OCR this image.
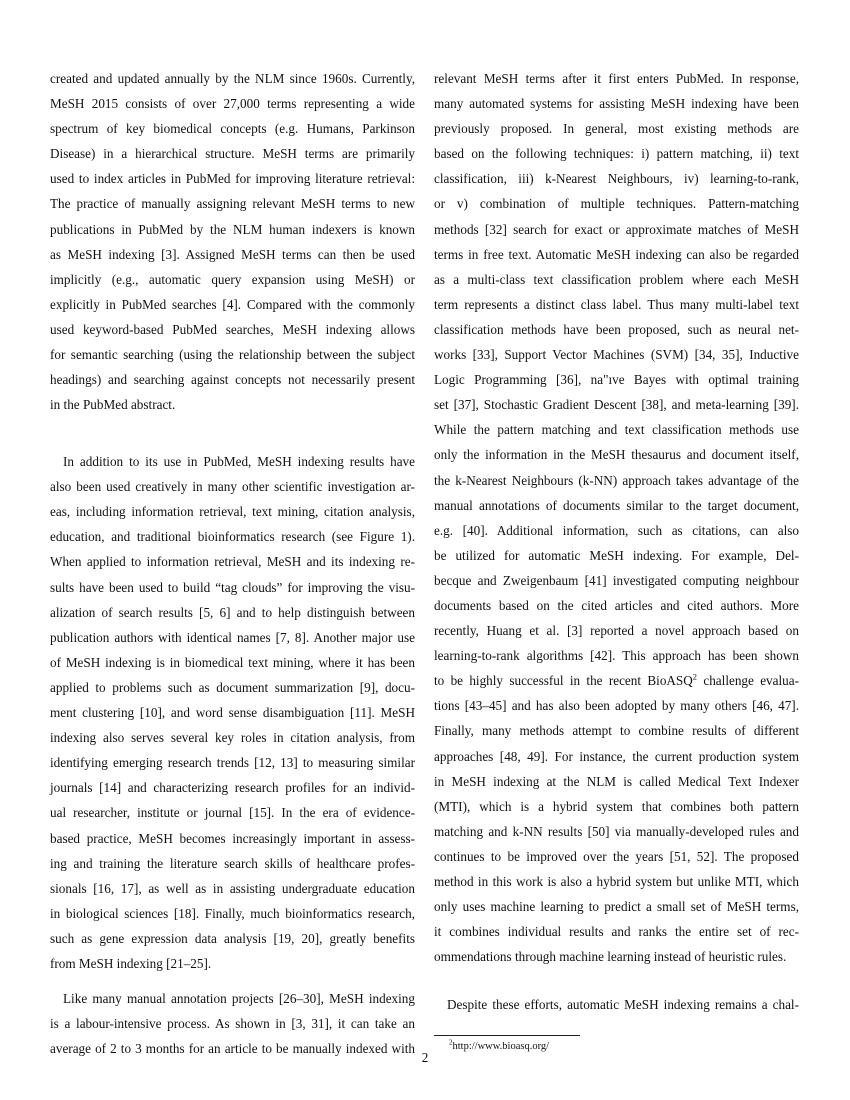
created and updated annually by the NLM since 1960s. Currently,
MeSH 2015 consists of over 27,000 terms representing a wide
spectrum of key biomedical concepts (e.g. Humans, Parkinson
Disease) in a hierarchical structure. MeSH terms are primarily
used to index articles in PubMed for improving literature retrieval:
The practice of manually assigning relevant MeSH terms to new
publications in PubMed by the NLM human indexers is known
as MeSH indexing [3]. Assigned MeSH terms can then be used
implicitly (e.g., automatic query expansion using MeSH) or
explicitly in PubMed searches [4]. Compared with the commonly
used keyword-based PubMed searches, MeSH indexing allows
for semantic searching (using the relationship between the subject
headings) and searching against concepts not necessarily present
in the PubMed abstract.
In addition to its use in PubMed, MeSH indexing results have
also been used creatively in many other scientific investigation ar-
eas, including information retrieval, text mining, citation analysis,
education, and traditional bioinformatics research (see Figure 1).
When applied to information retrieval, MeSH and its indexing re-
sults have been used to build “tag clouds” for improving the visu-
alization of search results [5, 6] and to help distinguish between
publication authors with identical names [7, 8]. Another major use
of MeSH indexing is in biomedical text mining, where it has been
applied to problems such as document summarization [9], docu-
ment clustering [10], and word sense disambiguation [11]. MeSH
indexing also serves several key roles in citation analysis, from
identifying emerging research trends [12, 13] to measuring similar
journals [14] and characterizing research profiles for an individ-
ual researcher, institute or journal [15]. In the era of evidence-
based practice, MeSH becomes increasingly important in assess-
ing and training the literature search skills of healthcare profes-
sionals [16, 17], as well as in assisting undergraduate education
in biological sciences [18]. Finally, much bioinformatics research,
such as gene expression data analysis [19, 20], greatly benefits
from MeSH indexing [21–25].
Like many manual annotation projects [26–30], MeSH indexing
is a labour-intensive process. As shown in [3, 31], it can take an
average of 2 to 3 months for an article to be manually indexed with
relevant MeSH terms after it first enters PubMed. In response,
many automated systems for assisting MeSH indexing have been
previously proposed. In general, most existing methods are
based on the following techniques: i) pattern matching, ii) text
classification, iii) k-Nearest Neighbours, iv) learning-to-rank,
or v) combination of multiple techniques. Pattern-matching
methods [32] search for exact or approximate matches of MeSH
terms in free text. Automatic MeSH indexing can also be regarded
as a multi-class text classification problem where each MeSH
term represents a distinct class label. Thus many multi-label text
classification methods have been proposed, such as neural net-
works [33], Support Vector Machines (SVM) [34, 35], Inductive
Logic Programming [36], na"ıve Bayes with optimal training
set [37], Stochastic Gradient Descent [38], and meta-learning [39].
While the pattern matching and text classification methods use
only the information in the MeSH thesaurus and document itself,
the k-Nearest Neighbours (k-NN) approach takes advantage of the
manual annotations of documents similar to the target document,
e.g. [40]. Additional information, such as citations, can also
be utilized for automatic MeSH indexing. For example, Del-
becque and Zweigenbaum [41] investigated computing neighbour
documents based on the cited articles and cited authors. More
recently, Huang et al. [3] reported a novel approach based on
learning-to-rank algorithms [42]. This approach has been shown
to be highly successful in the recent BioASQ$^2$ challenge evalua-
tions [43–45] and has also been adopted by many others [46, 47].
Finally, many methods attempt to combine results of different
approaches [48, 49]. For instance, the current production system
in MeSH indexing at the NLM is called Medical Text Indexer
(MTI), which is a hybrid system that combines both pattern
matching and k-NN results [50] via manually-developed rules and
continues to be improved over the years [51, 52]. The proposed
method in this work is also a hybrid system but unlike MTI, which
only uses machine learning to predict a small set of MeSH terms,
it combines individual results and ranks the entire set of rec-
ommendations through machine learning instead of heuristic rules.
Despite these efforts, automatic MeSH indexing remains a chal-
$^2$http://www.bioasq.org/
2
